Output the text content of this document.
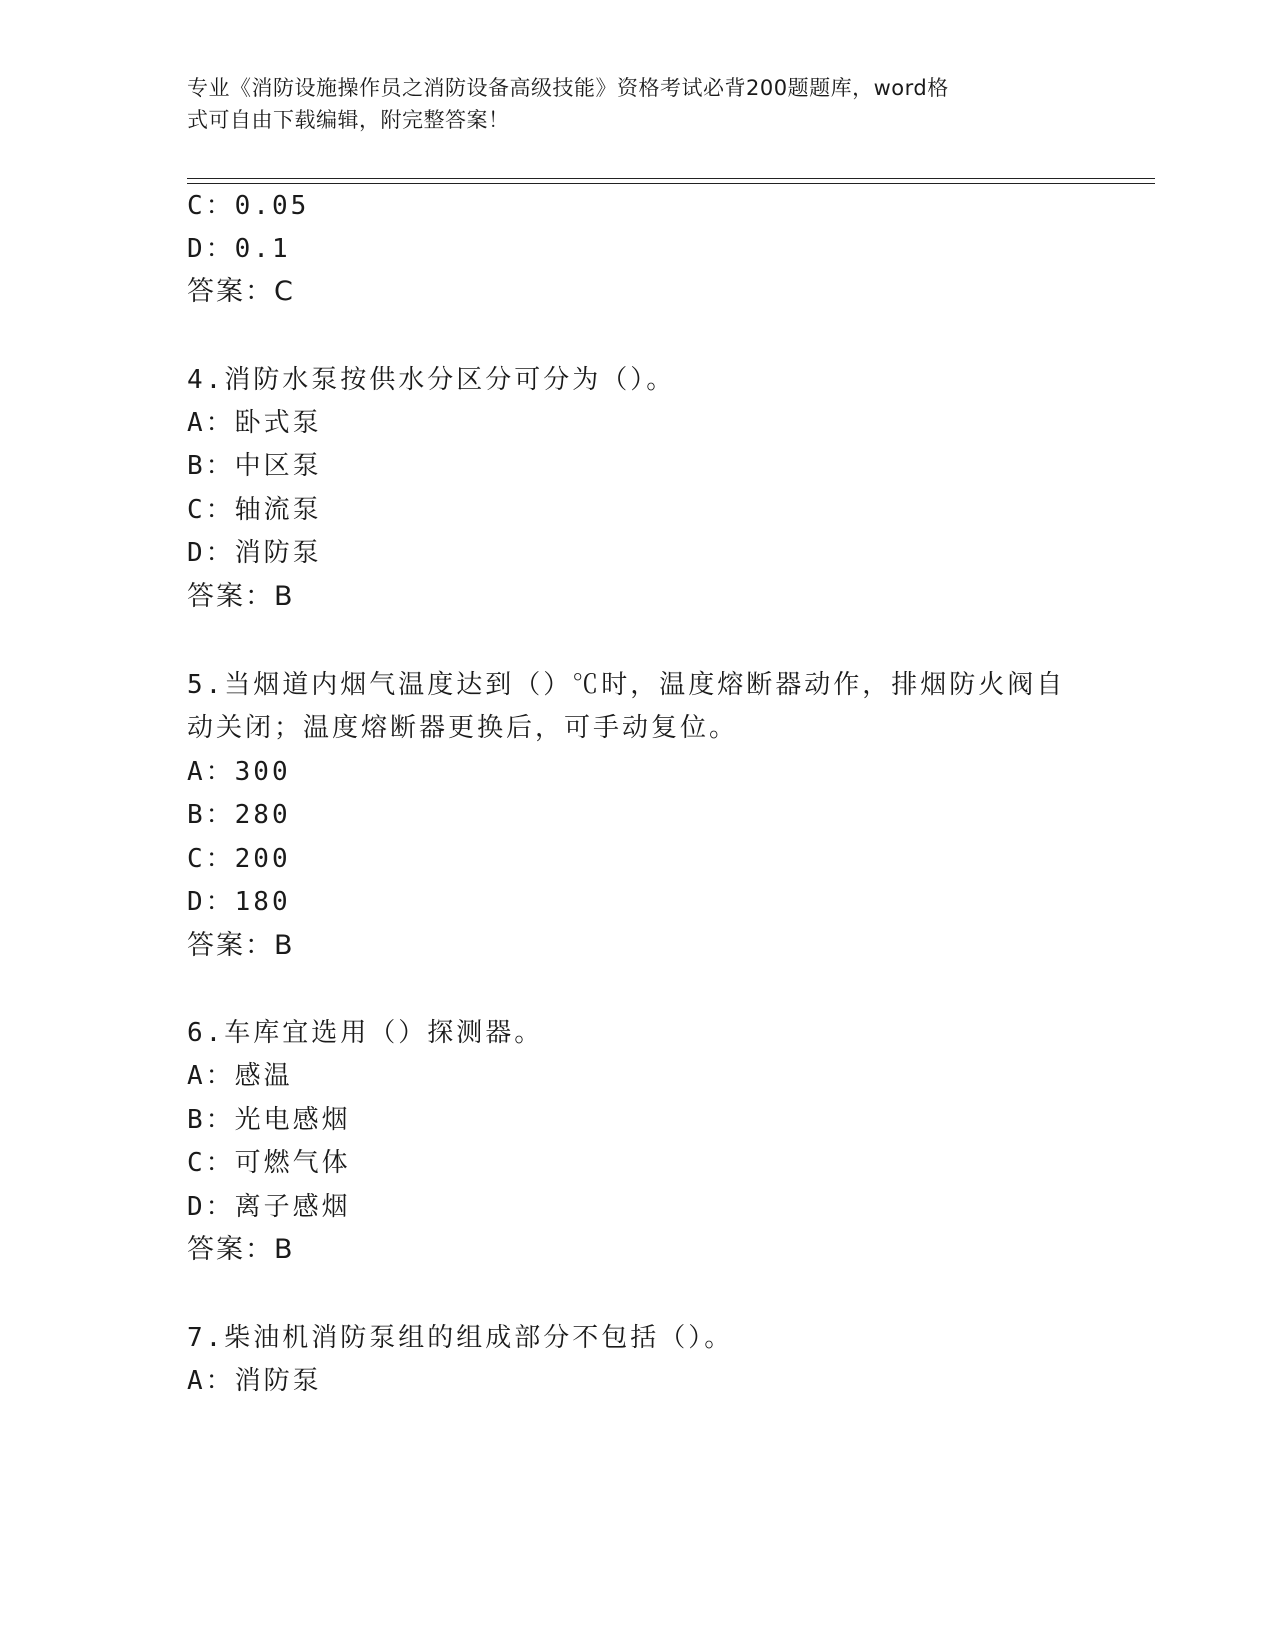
专业《消防设施操作员之消防设备高级技能》资格考试必背200题题库，word格
式可自由下载编辑，附完整答案！
C：0.05
D：0.1
答案：C
4.消防水泵按供水分区分可分为（）。
A：卧式泵
B：中区泵
C：轴流泵
D：消防泵
答案：B
5.当烟道内烟气温度达到（）℃时，温度熔断器动作，排烟防火阀自
动关闭；温度熔断器更换后，可手动复位。
A：300
B：280
C：200
D：180
答案：B
6.车库宜选用（）探测器。
A：感温
B：光电感烟
C：可燃气体
D：离子感烟
答案：B
7.柴油机消防泵组的组成部分不包括（）。
A：消防泵
